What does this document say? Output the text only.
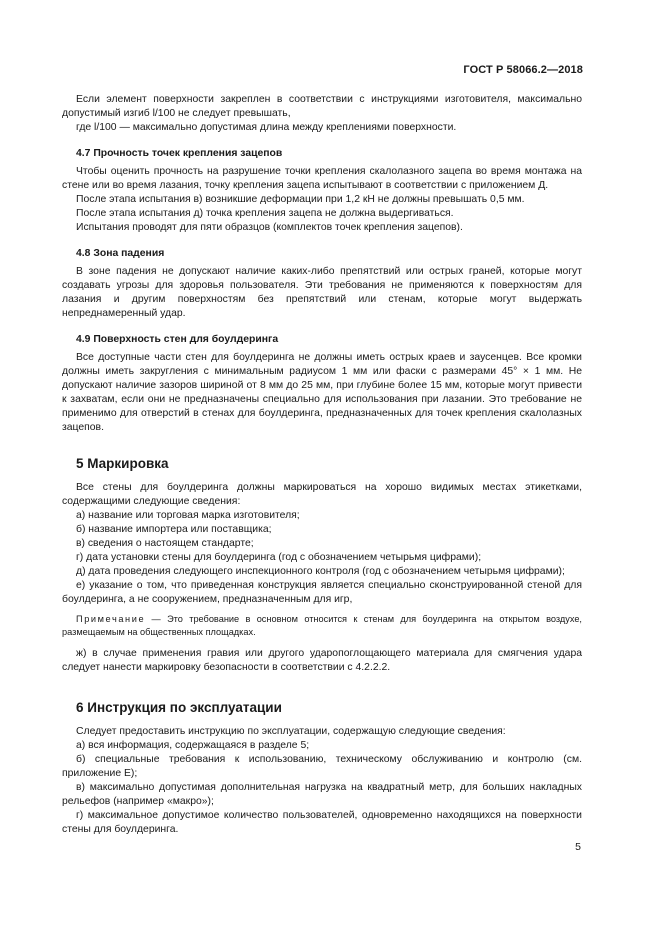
ГОСТ Р 58066.2—2018

Если элемент поверхности закреплен в соответствии с инструкциями изготовителя, максимально допустимый изгиб l/100 не следует превышать,

где l/100 — максимально допустимая длина между креплениями поверхности.

4.7 Прочность точек крепления зацепов

Чтобы оценить прочность на разрушение точки крепления скалолазного зацепа во время монтажа на стене или во время лазания, точку крепления зацепа испытывают в соответствии с приложением Д.

После этапа испытания в) возникшие деформации при 1,2 кН не должны превышать 0,5 мм.

После этапа испытания д) точка крепления зацепа не должна выдергиваться.

Испытания проводят для пяти образцов (комплектов точек крепления зацепов).

4.8 Зона падения

В зоне падения не допускают наличие каких-либо препятствий или острых граней, которые могут создавать угрозы для здоровья пользователя. Эти требования не применяются к поверхностям для лазания и другим поверхностям без препятствий или стенам, которые могут выдержать непреднамеренный удар.

4.9 Поверхность стен для боулдеринга

Все доступные части стен для боулдеринга не должны иметь острых краев и заусенцев. Все кромки должны иметь закругления с минимальным радиусом 1 мм или фаски с размерами 45° × 1 мм. Не допускают наличие зазоров шириной от 8 мм до 25 мм, при глубине более 15 мм, которые могут привести к захватам, если они не предназначены специально для использования при лазании. Это требование не применимо для отверстий в стенах для боулдеринга, предназначенных для точек крепления скалолазных зацепов.

5 Маркировка

Все стены для боулдеринга должны маркироваться на хорошо видимых местах этикетками, содержащими следующие сведения:

а) название или торговая марка изготовителя;

б) название импортера или поставщика;

в) сведения о настоящем стандарте;

г) дата установки стены для боулдеринга (год с обозначением четырьмя цифрами);

д) дата проведения следующего инспекционного контроля (год с обозначением четырьмя цифрами);

е) указание о том, что приведенная конструкция является специально сконструированной стеной для боулдеринга, а не сооружением, предназначенным для игр,

Примечание — Это требование в основном относится к стенам для боулдеринга на открытом воздухе, размещаемым на общественных площадках.

ж) в случае применения гравия или другого ударопоглощающего материала для смягчения удара следует нанести маркировку безопасности в соответствии с 4.2.2.2.

6 Инструкция по эксплуатации

Следует предоставить инструкцию по эксплуатации, содержащую следующие сведения:

а) вся информация, содержащаяся в разделе 5;

б) специальные требования к использованию, техническому обслуживанию и контролю (см. приложение Е);

в) максимально допустимая дополнительная нагрузка на квадратный метр, для больших накладных рельефов (например «макро»);

г) максимальное допустимое количество пользователей, одновременно находящихся на поверхности стены для боулдеринга.

5
